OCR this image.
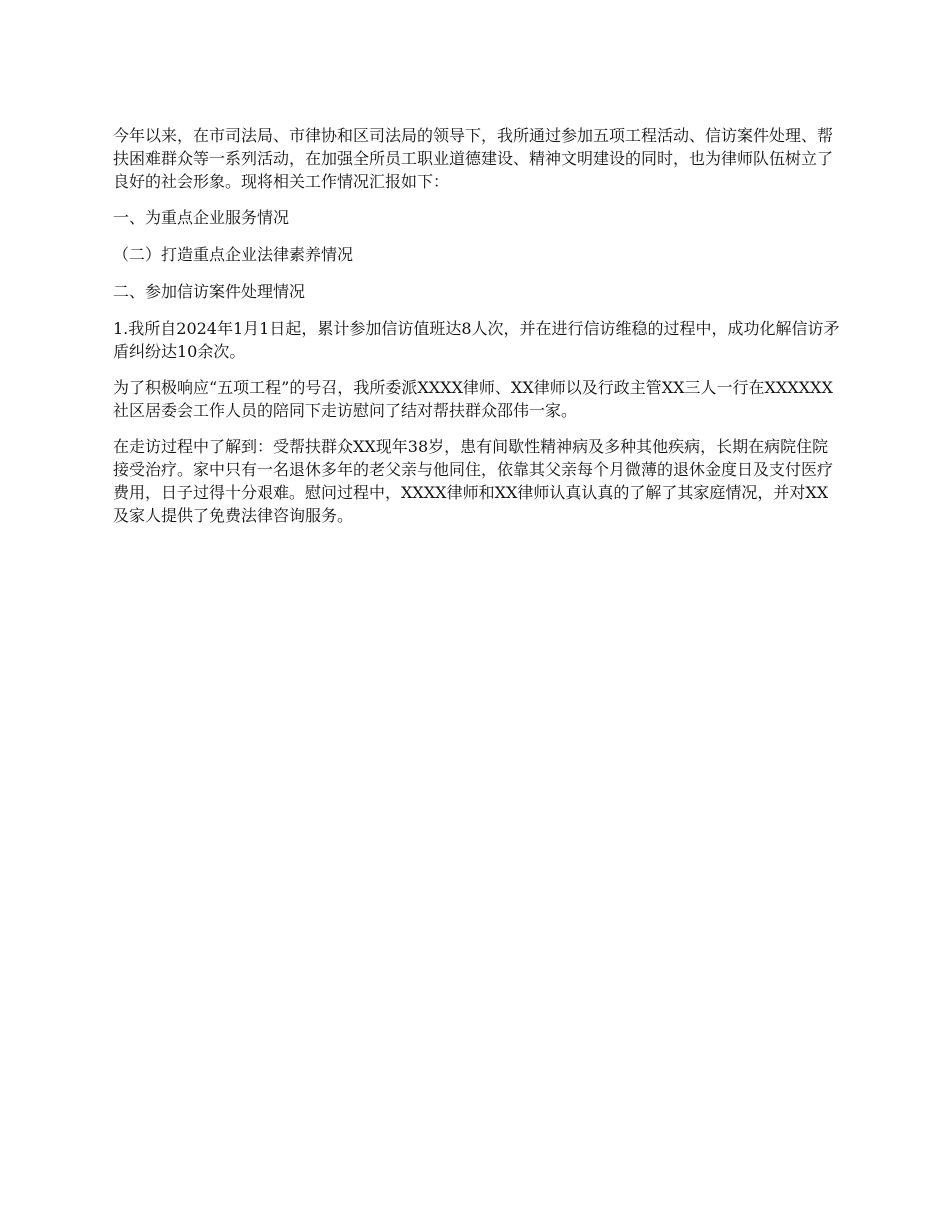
今年以来，在市司法局、市律协和区司法局的领导下，我所通过参加五项工程活动、信访案件处理、帮扶困难群众等一系列活动，在加强全所员工职业道德建设、精神文明建设的同时，也为律师队伍树立了良好的社会形象。现将相关工作情况汇报如下：

一、为重点企业服务情况

（二）打造重点企业法律素养情况

二、参加信访案件处理情况

1.我所自2024年1月1日起，累计参加信访值班达8人次，并在进行信访维稳的过程中，成功化解信访矛盾纠纷达10余次。

为了积极响应“五项工程”的号召，我所委派XXXX律师、XX律师以及行政主管XX三人一行在XXXXXX社区居委会工作人员的陪同下走访慰问了结对帮扶群众邵伟一家。

在走访过程中了解到：受帮扶群众XX现年38岁，患有间歇性精神病及多种其他疾病，长期在病院住院接受治疗。家中只有一名退休多年的老父亲与他同住，依靠其父亲每个月微薄的退休金度日及支付医疗费用，日子过得十分艰难。慰问过程中，XXXX律师和XX律师认真认真的了解了其家庭情况，并对XX及家人提供了免费法律咨询服务。
